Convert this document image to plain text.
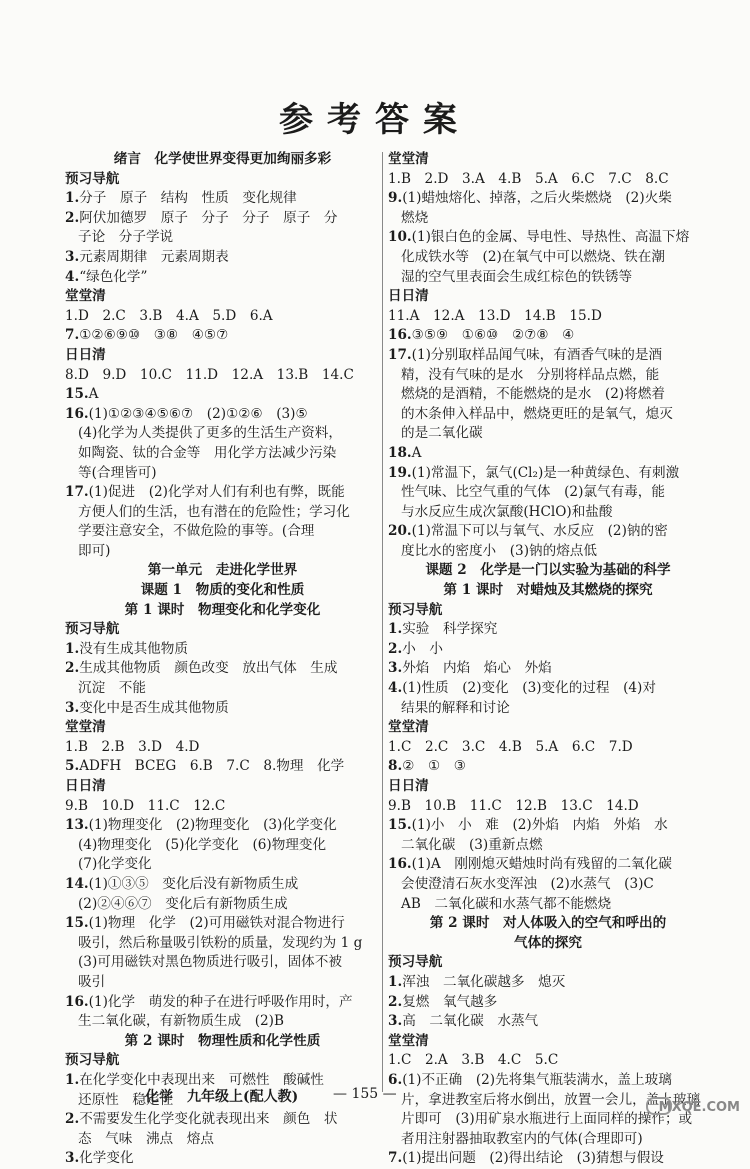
参考答案
绪言　化学使世界变得更加绚丽多彩
预习导航
1.分子　原子　结构　性质　变化规律
2.阿伏加德罗　原子　分子　分子　原子　分
子论　分子学说
3.元素周期律　元素周期表
4.“绿色化学”
堂堂清
1.D　2.C　3.B　4.A　5.D　6.A
7.①②⑥⑨⑩　③⑧　④⑤⑦
日日清
8.D　9.D　10.C　11.D　12.A　13.B　14.C
15.A
16.(1)①②③④⑤⑥⑦　(2)①②⑥　(3)⑤
(4)化学为人类提供了更多的生活生产资料，
如陶瓷、钛的合金等　用化学方法减少污染
等(合理皆可)
17.(1)促进　(2)化学对人们有利也有弊，既能
方便人们的生活，也有潜在的危险性；学习化
学要注意安全，不做危险的事等。(合理
即可)
第一单元　走进化学世界
课题 1　物质的变化和性质
第 1 课时　物理变化和化学变化
预习导航
1.没有生成其他物质
2.生成其他物质　颜色改变　放出气体　生成
沉淀　不能
3.变化中是否生成其他物质
堂堂清
1.B　2.B　3.D　4.D
5.ADFH　BCEG　6.B　7.C　8.物理　化学
日日清
9.B　10.D　11.C　12.C
13.(1)物理变化　(2)物理变化　(3)化学变化
(4)物理变化　(5)化学变化　(6)物理变化
(7)化学变化
14.(1)①③⑤　变化后没有新物质生成
(2)②④⑥⑦　变化后有新物质生成
15.(1)物理　化学　(2)可用磁铁对混合物进行
吸引，然后称量吸引铁粉的质量，发现约为 1 g
(3)可用磁铁对黑色物质进行吸引，固体不被
吸引
16.(1)化学　萌发的种子在进行呼吸作用时，产
生二氧化碳，有新物质生成　(2)B
第 2 课时　物理性质和化学性质
预习导航
1.在化学变化中表现出来　可燃性　酸碱性
还原性　稳定性
2.不需要发生化学变化就表现出来　颜色　状
态　气味　沸点　熔点
3.化学变化
堂堂清
1.B　2.D　3.A　4.B　5.A　6.C　7.C　8.C
9.(1)蜡烛熔化、掉落，之后火柴燃烧　(2)火柴
燃烧
10.(1)银白色的金属、导电性、导热性、高温下熔
化成铁水等　(2)在氧气中可以燃烧、铁在潮
湿的空气里表面会生成红棕色的铁锈等
日日清
11.A　12.A　13.D　14.B　15.D
16.③⑤⑨　①⑥⑩　②⑦⑧　④
17.(1)分别取样品闻气味，有酒香气味的是酒
精，没有气味的是水　分别将样品点燃，能
燃烧的是酒精，不能燃烧的是水　(2)将燃着
的木条伸入样品中，燃烧更旺的是氧气，熄灭
的是二氧化碳
18.A
19.(1)常温下，氯气(Cl₂)是一种黄绿色、有刺激
性气味、比空气重的气体　(2)氯气有毒，能
与水反应生成次氯酸(HClO)和盐酸
20.(1)常温下可以与氧气、水反应　(2)钠的密
度比水的密度小　(3)钠的熔点低
课题 2　化学是一门以实验为基础的科学
第 1 课时　对蜡烛及其燃烧的探究
预习导航
1.实验　科学探究
2.小　小
3.外焰　内焰　焰心　外焰
4.(1)性质　(2)变化　(3)变化的过程　(4)对
结果的解释和讨论
堂堂清
1.C　2.C　3.C　4.B　5.A　6.C　7.D
8.②　①　③
日日清
9.B　10.B　11.C　12.B　13.C　14.D
15.(1)小　小　难　(2)外焰　内焰　外焰　水
二氧化碳　(3)重新点燃
16.(1)A　刚刚熄灭蜡烛时尚有残留的二氧化碳
会使澄清石灰水变浑浊　(2)水蒸气　(3)C
AB　二氧化碳和水蒸气都不能燃烧
第 2 课时　对人体吸入的空气和呼出的
气体的探究
预习导航
1.浑浊　二氧化碳越多　熄灭
2.复燃　氧气越多
3.高　二氧化碳　水蒸气
堂堂清
1.C　2.A　3.B　4.C　5.C
6.(1)不正确　(2)先将集气瓶装满水，盖上玻璃
片，拿进教室后将水倒出，放置一会儿，盖上玻璃
片即可　(3)用矿泉水瓶进行上面同样的操作；或
者用注射器抽取教室内的气体(合理即可)
7.(1)提出问题　(2)得出结论　(3)猜想与假设
化学　九年级上(配人教) — 155 —
MXQE.COM
